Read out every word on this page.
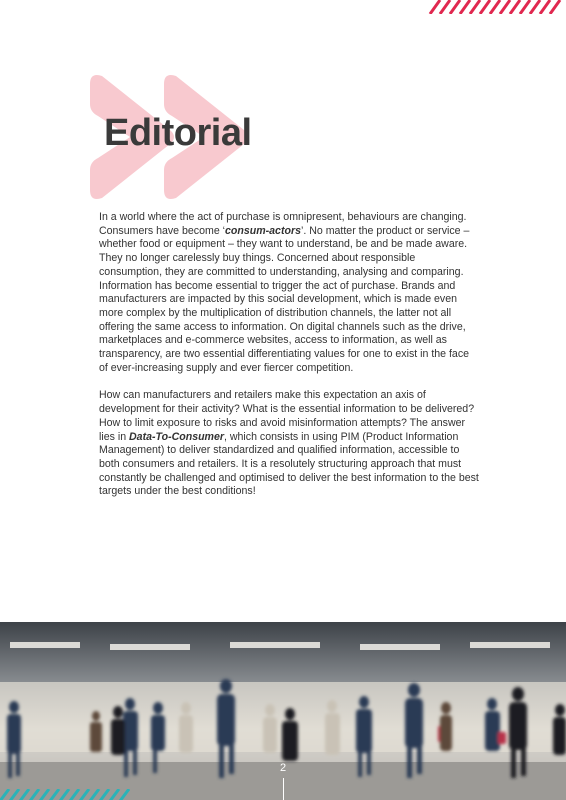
Editorial

In a world where the act of purchase is omnipresent, behaviours are changing. Consumers have become ‘consum-actors’. No matter the product or service – whether food or equipment – they want to understand, be and be made aware. They no longer carelessly buy things. Concerned about responsible consumption, they are committed to understanding, analysing and comparing. Information has become essential to trigger the act of purchase. Brands and manufacturers are impacted by this social development, which is made even more complex by the multiplication of distribution channels, the latter not all offering the same access to information. On digital channels such as the drive, marketplaces and e-commerce websites, access to information, as well as transparency, are two essential differentiating values for one to exist in the face of ever-increasing supply and ever fiercer competition.

How can manufacturers and retailers make this expectation an axis of development for their activity? What is the essential information to be delivered? How to limit exposure to risks and avoid misinformation attempts? The answer lies in Data-To-Consumer, which consists in using PIM (Product Information Management) to deliver standardized and qualified information, accessible to both consumers and retailers. It is a resolutely structuring approach that must constantly be challenged and optimised to deliver the best information to the best targets under the best conditions!

2
